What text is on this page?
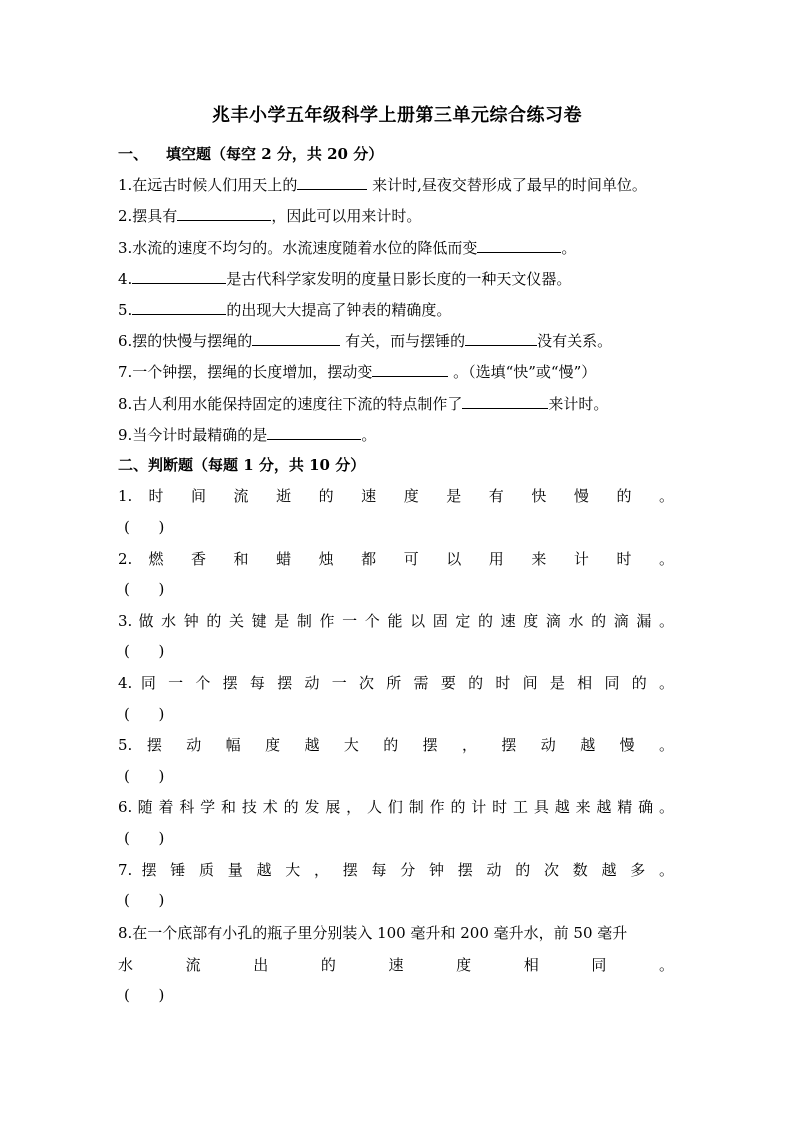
兆丰小学五年级科学上册第三单元综合练习卷
一、 填空题（每空 2 分，共 20 分）
1.在远古时候人们用天上的	来计时,昼夜交替形成了最早的时间单位。
2.摆具有	，因此可以用来计时。
3.水流的速度不均匀的。水流速度随着水位的降低而变	。
4.	是古代科学家发明的度量日影长度的一种天文仪器。
5.	的出现大大提高了钟表的精确度。
6.摆的快慢与摆绳的	有关，而与摆锤的	没有关系。
7.一个钟摆，摆绳的长度增加，摆动变	。（选填“快”或“慢”）
8.古人利用水能保持固定的速度往下流的特点制作了	来计时。
9.当今计时最精确的是	。
二、判断题（每题 1 分，共 10 分）
1. 时 间 流 逝 的 速 度 是 有 快 慢 的 。
(      )
2. 燃 香 和 蜡 烛 都 可 以 用 来 计 时 。
(      )
3. 做 水 钟 的 关 键 是 制 作 一 个 能 以 固 定 的 速 度 滴 水 的 滴 漏 。
(      )
4. 同 一 个 摆 每 摆 动 一 次 所 需 要 的 时 间 是 相 同 的 。
(      )
5. 摆 动 幅 度 越 大 的 摆 ， 摆 动 越 慢 。
(      )
6. 随 着 科 学 和 技 术 的 发 展 ， 人 们 制 作 的 计 时 工 具 越 来 越 精 确 。
(      )
7. 摆 锤 质 量 越 大 ， 摆 每 分 钟 摆 动 的 次 数 越 多 。
(      )
8.在一个底部有小孔的瓶子里分别装入 100 毫升和 200 毫升水，前 50 毫升
水 流 出 的 速 度 相 同 。
(      )
